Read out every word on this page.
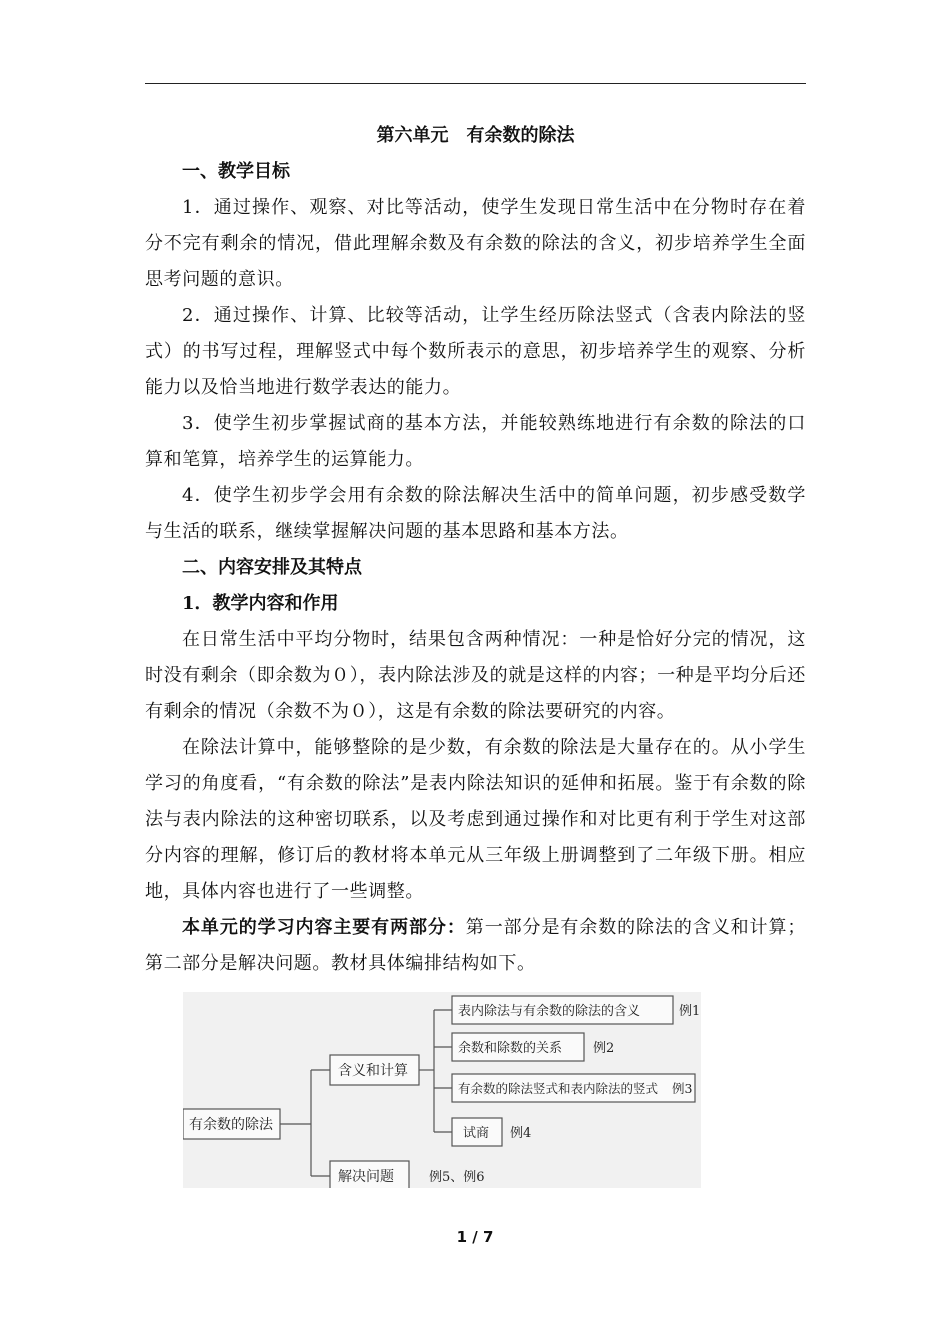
第六单元　有余数的除法
一、教学目标

1．通过操作、观察、对比等活动，使学生发现日常生活中在分物时存在着分不完有剩余的情况，借此理解余数及有余数的除法的含义，初步培养学生全面思考问题的意识。

2．通过操作、计算、比较等活动，让学生经历除法竖式（含表内除法的竖式）的书写过程，理解竖式中每个数所表示的意思，初步培养学生的观察、分析能力以及恰当地进行数学表达的能力。

3．使学生初步掌握试商的基本方法，并能较熟练地进行有余数的除法的口算和笔算，培养学生的运算能力。

4．使学生初步学会用有余数的除法解决生活中的简单问题，初步感受数学与生活的联系，继续掌握解决问题的基本思路和基本方法。

二、内容安排及其特点
1．教学内容和作用

在日常生活中平均分物时，结果包含两种情况：一种是恰好分完的情况，这时没有剩余（即余数为０），表内除法涉及的就是这样的内容；一种是平均分后还有剩余的情况（余数不为０），这是有余数的除法要研究的内容。

在除法计算中，能够整除的是少数，有余数的除法是大量存在的。从小学生学习的角度看，“有余数的除法”是表内除法知识的延伸和拓展。鉴于有余数的除法与表内除法的这种密切联系，以及考虑到通过操作和对比更有利于学生对这部分内容的理解，修订后的教材将本单元从三年级上册调整到了二年级下册。相应地，具体内容也进行了一些调整。

本单元的学习内容主要有两部分：第一部分是有余数的除法的含义和计算；第二部分是解决问题。教材具体编排结构如下。

有余数的除法
含义和计算
解决问题	例5、例6
表内除法与有余数的除法的含义	例1
余数和除数的关系 例2
有余数的除法竖式和表内除法的竖式 例3
试商 例4
1 / 7
